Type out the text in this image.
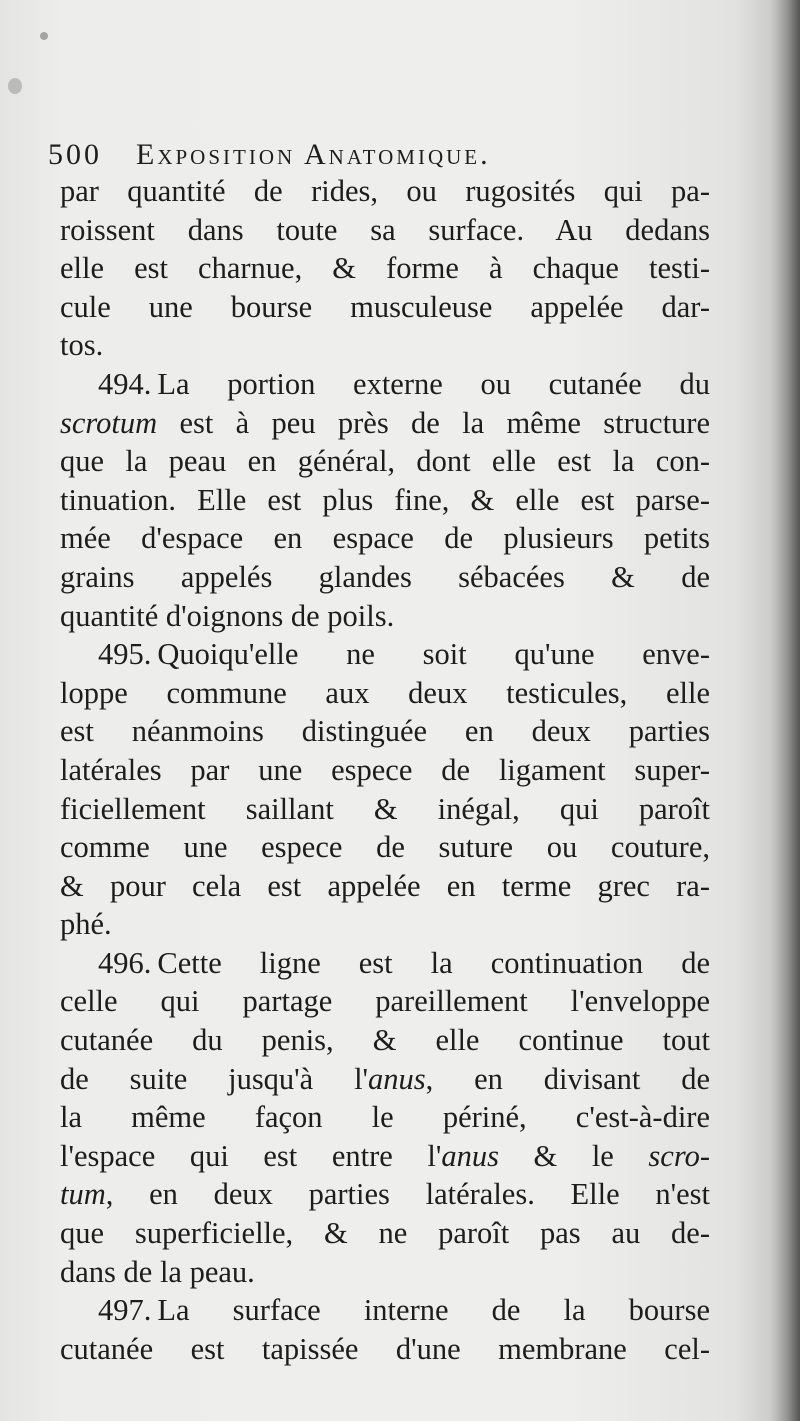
500 Exposition Anatomique.
par quantité de rides, ou rugosités qui pa-
roissent dans toute sa surface. Au dedans
elle est charnue, & forme à chaque testi-
cule une bourse musculeuse appelée dar-
tos.
494. La portion externe ou cutanée du
scrotum est à peu près de la même structure
que la peau en général, dont elle est la con-
tinuation. Elle est plus fine, & elle est parse-
mée d'espace en espace de plusieurs petits
grains appelés glandes sébacées & de
quantité d'oignons de poils.
495. Quoiqu'elle ne soit qu'une enve-
loppe commune aux deux testicules, elle
est néanmoins distinguée en deux parties
latérales par une espece de ligament super-
ficiellement saillant & inégal, qui paroît
comme une espece de suture ou couture,
& pour cela est appelée en terme grec ra-
phé.
496. Cette ligne est la continuation de
celle qui partage pareillement l'enveloppe
cutanée du penis, & elle continue tout
de suite jusqu'à l'anus, en divisant de
la même façon le périné, c'est-à-dire
l'espace qui est entre l'anus & le scro-
tum, en deux parties latérales. Elle n'est
que superficielle, & ne paroît pas au de-
dans de la peau.
497. La surface interne de la bourse
cutanée est tapissée d'une membrane cel-
